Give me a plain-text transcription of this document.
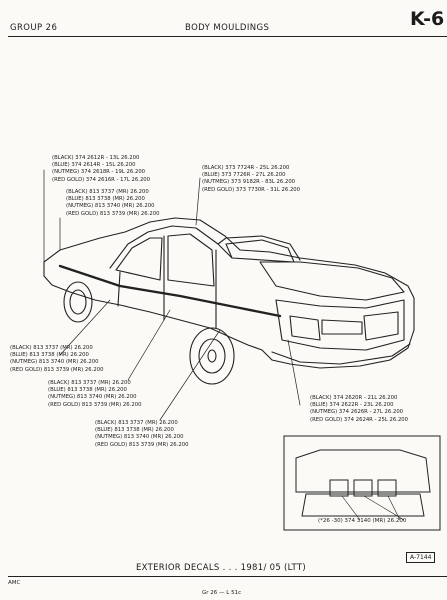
GROUP 26	BODY MOULDINGS	K-6
(BLACK) 374 2612R - 13L 26.200
(BLUE) 374 2614R - 15L 26.200
(NUTMEG) 374 2618R - 19L 26.200
(RED GOLD) 374 2616R - 17L 26.200
(BLACK) 813 3737 (MR) 26.200
(BLUE) 813 3738 (MR) 26.200
(NUTMEG) 813 3740 (MR) 26.200
(RED GOLD) 813 3739 (MR) 26.200
(BLACK) 373 7724R - 25L 26.200
(BLUE) 373 7726R - 27L 26.200
(NUTMEG) 373 9182R - 83L 26.200
(RED GOLD) 373 7730R - 31L 26.200
(BLACK) 813 3737 (MR) 26.200
(BLUE) 813 3738 (MR) 26.200
(NUTMEG) 813 3740 (MR) 26.200
(RED GOLD) 813 3739 (MR) 26.200
(BLACK) 813 3737 (MR) 26.200
(BLUE) 813 3738 (MR) 26.200
(NUTMEG) 813 3740 (MR) 26.200
(RED GOLD) 813 3739 (MR) 26.200
(BLACK) 813 3737 (MR) 26.200
(BLUE) 813 3738 (MR) 26.200
(NUTMEG) 813 3740 (MR) 26.200
(RED GOLD) 813 3739 (MR) 26.200
(BLACK) 374 2620R - 21L 26.200
(BLUE) 374 2622R - 23L 26.200
(NUTMEG) 374 2626R - 27L 26.200
(RED GOLD) 374 2624R - 25L 26.200
(*26 -30) 374 3140 (MR) 26.200
A-7144
EXTERIOR DECALS . . . 1981/ 05 (LTT)
AMC
Gr 26 — L 51c
